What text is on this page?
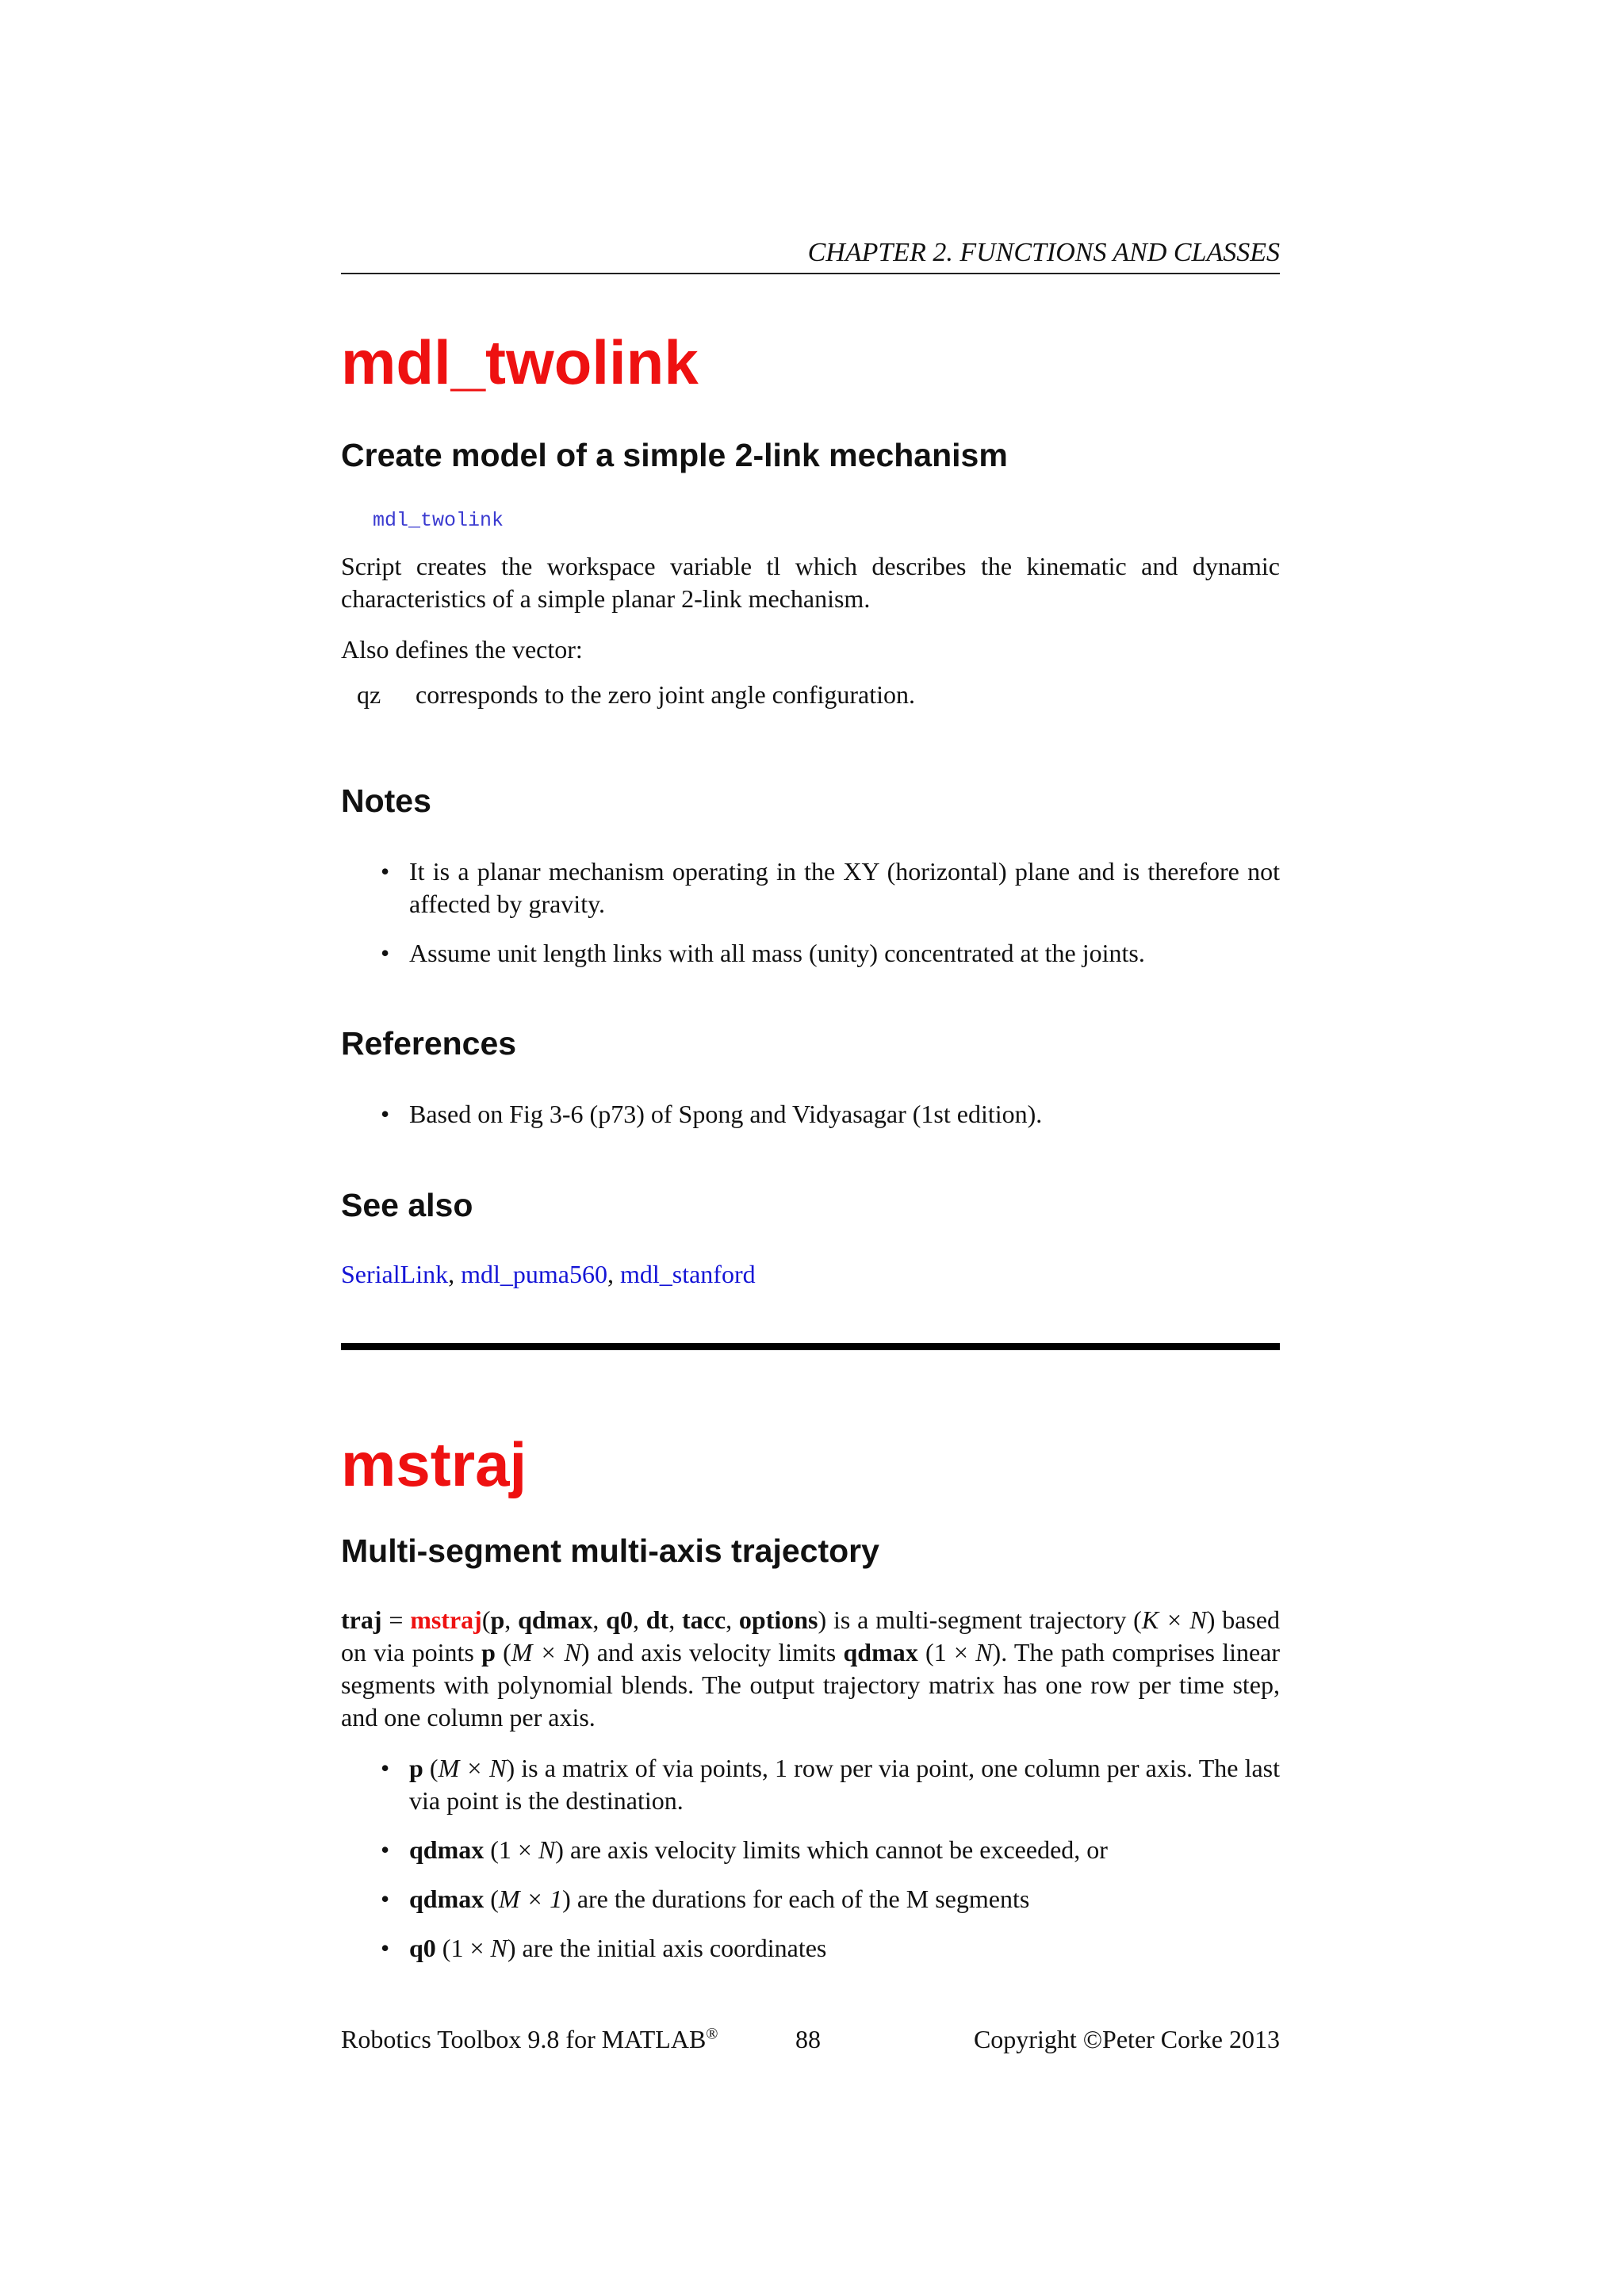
CHAPTER 2. FUNCTIONS AND CLASSES
mdl_twolink
Create model of a simple 2-link mechanism
mdl_twolink
Script creates the workspace variable tl which describes the kinematic and dynamic characteristics of a simple planar 2-link mechanism.
Also defines the vector:
qz corresponds to the zero joint angle configuration.
Notes
• It is a planar mechanism operating in the XY (horizontal) plane and is therefore not affected by gravity.
• Assume unit length links with all mass (unity) concentrated at the joints.
References
• Based on Fig 3-6 (p73) of Spong and Vidyasagar (1st edition).
See also
SerialLink, mdl_puma560, mdl_stanford
mstraj
Multi-segment multi-axis trajectory
traj = mstraj(p, qdmax, q0, dt, tacc, options) is a multi-segment trajectory (K × N) based on via points p (M × N) and axis velocity limits qdmax (1 × N). The path comprises linear segments with polynomial blends. The output trajectory matrix has one row per time step, and one column per axis.
• p (M × N) is a matrix of via points, 1 row per via point, one column per axis. The last via point is the destination.
• qdmax (1 × N) are axis velocity limits which cannot be exceeded, or
• qdmax (M × 1) are the durations for each of the M segments
• q0 (1 × N) are the initial axis coordinates
Robotics Toolbox 9.8 for MATLAB®	88	Copyright ©Peter Corke 2013
